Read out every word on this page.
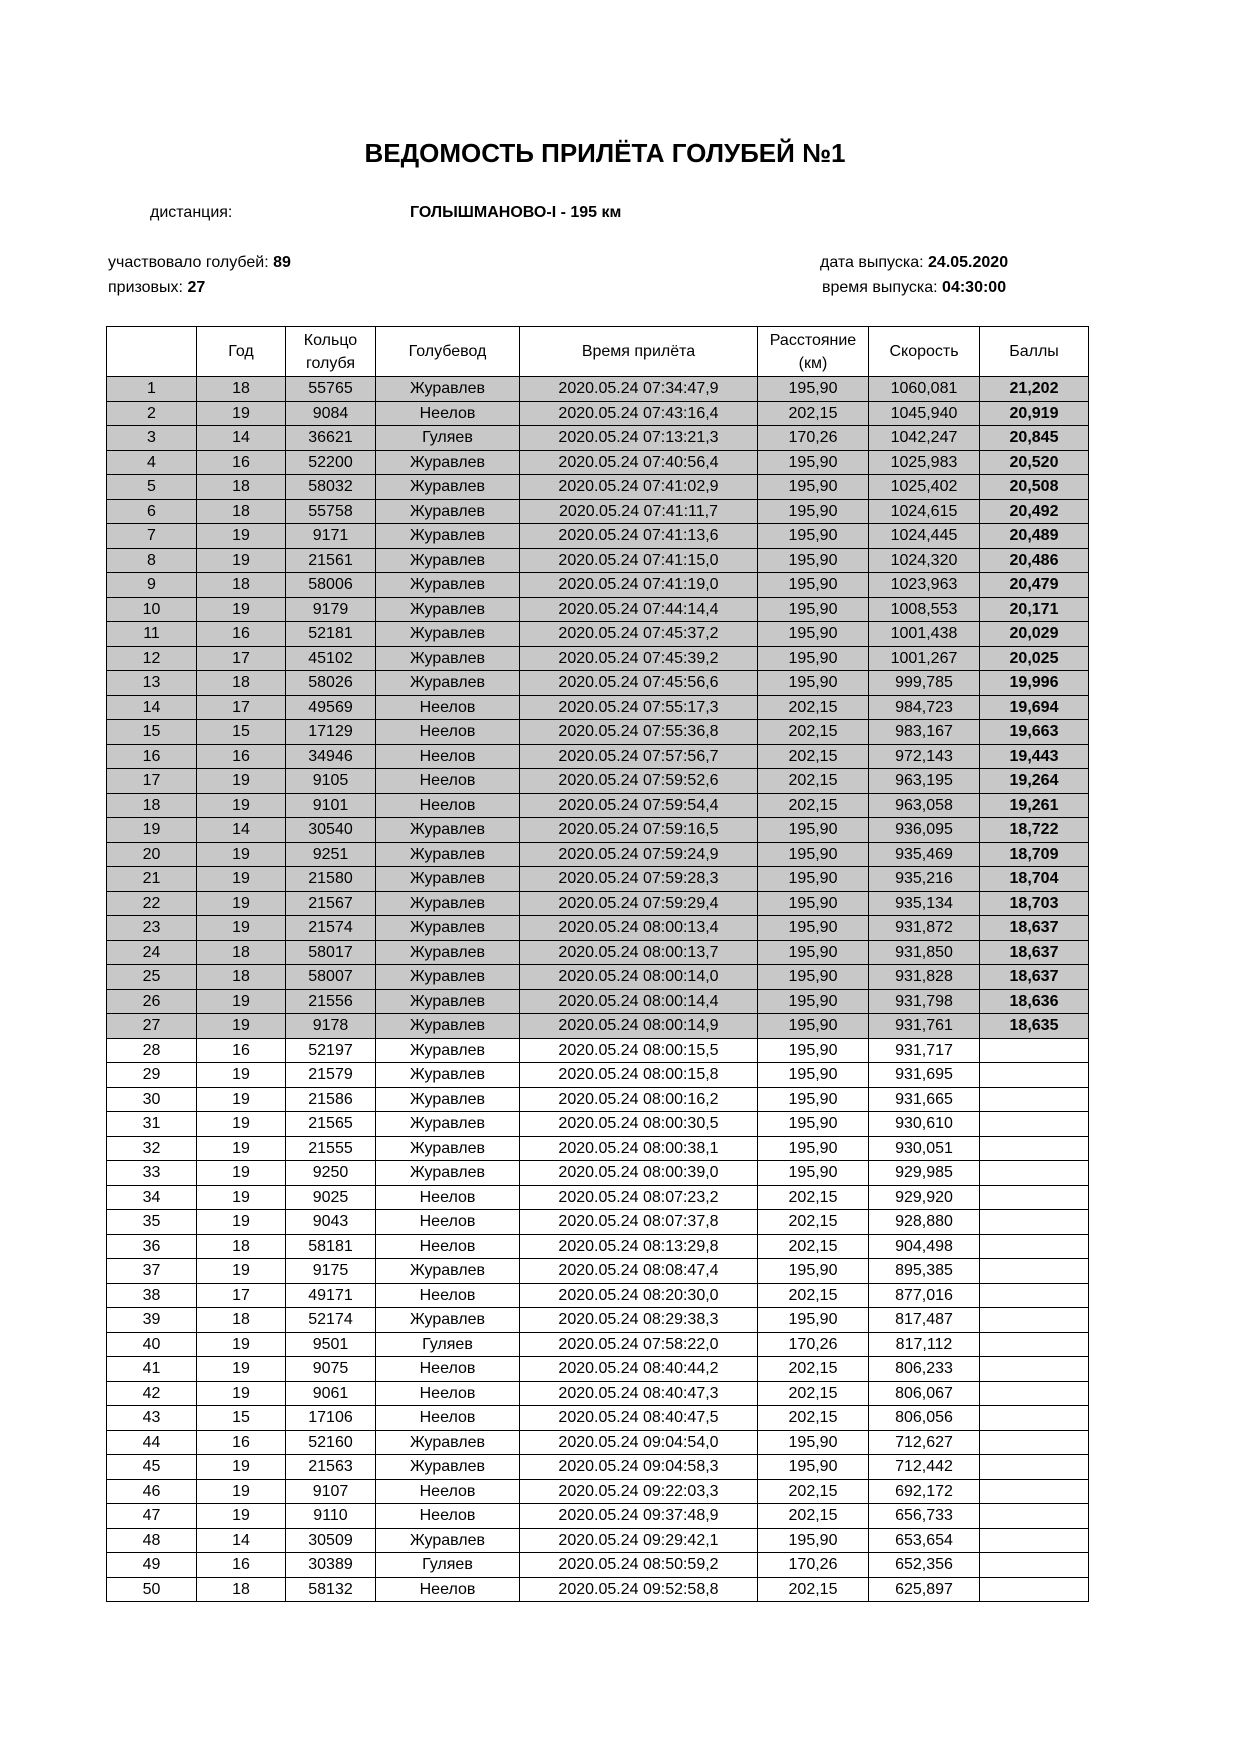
ВЕДОМОСТЬ ПРИЛЁТА ГОЛУБЕЙ №1
дистанция:	ГОЛЫШМАНОВО-I - 195 км
участвовало голубей: 89
призовых: 27
дата выпуска: 24.05.2020
время выпуска: 04:30:00
	Год	Кольцо голубя	Голубевод	Время прилёта	Расстояние (км)	Скорость	Баллы
1	18	55765	Журавлев	2020.05.24 07:34:47,9	195,90	1060,081	21,202
2	19	9084	Неелов	2020.05.24 07:43:16,4	202,15	1045,940	20,919
3	14	36621	Гуляев	2020.05.24 07:13:21,3	170,26	1042,247	20,845
4	16	52200	Журавлев	2020.05.24 07:40:56,4	195,90	1025,983	20,520
5	18	58032	Журавлев	2020.05.24 07:41:02,9	195,90	1025,402	20,508
6	18	55758	Журавлев	2020.05.24 07:41:11,7	195,90	1024,615	20,492
7	19	9171	Журавлев	2020.05.24 07:41:13,6	195,90	1024,445	20,489
8	19	21561	Журавлев	2020.05.24 07:41:15,0	195,90	1024,320	20,486
9	18	58006	Журавлев	2020.05.24 07:41:19,0	195,90	1023,963	20,479
10	19	9179	Журавлев	2020.05.24 07:44:14,4	195,90	1008,553	20,171
11	16	52181	Журавлев	2020.05.24 07:45:37,2	195,90	1001,438	20,029
12	17	45102	Журавлев	2020.05.24 07:45:39,2	195,90	1001,267	20,025
13	18	58026	Журавлев	2020.05.24 07:45:56,6	195,90	999,785	19,996
14	17	49569	Неелов	2020.05.24 07:55:17,3	202,15	984,723	19,694
15	15	17129	Неелов	2020.05.24 07:55:36,8	202,15	983,167	19,663
16	16	34946	Неелов	2020.05.24 07:57:56,7	202,15	972,143	19,443
17	19	9105	Неелов	2020.05.24 07:59:52,6	202,15	963,195	19,264
18	19	9101	Неелов	2020.05.24 07:59:54,4	202,15	963,058	19,261
19	14	30540	Журавлев	2020.05.24 07:59:16,5	195,90	936,095	18,722
20	19	9251	Журавлев	2020.05.24 07:59:24,9	195,90	935,469	18,709
21	19	21580	Журавлев	2020.05.24 07:59:28,3	195,90	935,216	18,704
22	19	21567	Журавлев	2020.05.24 07:59:29,4	195,90	935,134	18,703
23	19	21574	Журавлев	2020.05.24 08:00:13,4	195,90	931,872	18,637
24	18	58017	Журавлев	2020.05.24 08:00:13,7	195,90	931,850	18,637
25	18	58007	Журавлев	2020.05.24 08:00:14,0	195,90	931,828	18,637
26	19	21556	Журавлев	2020.05.24 08:00:14,4	195,90	931,798	18,636
27	19	9178	Журавлев	2020.05.24 08:00:14,9	195,90	931,761	18,635
28	16	52197	Журавлев	2020.05.24 08:00:15,5	195,90	931,717	
29	19	21579	Журавлев	2020.05.24 08:00:15,8	195,90	931,695	
30	19	21586	Журавлев	2020.05.24 08:00:16,2	195,90	931,665	
31	19	21565	Журавлев	2020.05.24 08:00:30,5	195,90	930,610	
32	19	21555	Журавлев	2020.05.24 08:00:38,1	195,90	930,051	
33	19	9250	Журавлев	2020.05.24 08:00:39,0	195,90	929,985	
34	19	9025	Неелов	2020.05.24 08:07:23,2	202,15	929,920	
35	19	9043	Неелов	2020.05.24 08:07:37,8	202,15	928,880	
36	18	58181	Неелов	2020.05.24 08:13:29,8	202,15	904,498	
37	19	9175	Журавлев	2020.05.24 08:08:47,4	195,90	895,385	
38	17	49171	Неелов	2020.05.24 08:20:30,0	202,15	877,016	
39	18	52174	Журавлев	2020.05.24 08:29:38,3	195,90	817,487	
40	19	9501	Гуляев	2020.05.24 07:58:22,0	170,26	817,112	
41	19	9075	Неелов	2020.05.24 08:40:44,2	202,15	806,233	
42	19	9061	Неелов	2020.05.24 08:40:47,3	202,15	806,067	
43	15	17106	Неелов	2020.05.24 08:40:47,5	202,15	806,056	
44	16	52160	Журавлев	2020.05.24 09:04:54,0	195,90	712,627	
45	19	21563	Журавлев	2020.05.24 09:04:58,3	195,90	712,442	
46	19	9107	Неелов	2020.05.24 09:22:03,3	202,15	692,172	
47	19	9110	Неелов	2020.05.24 09:37:48,9	202,15	656,733	
48	14	30509	Журавлев	2020.05.24 09:29:42,1	195,90	653,654	
49	16	30389	Гуляев	2020.05.24 08:50:59,2	170,26	652,356	
50	18	58132	Неелов	2020.05.24 09:52:58,8	202,15	625,897	
